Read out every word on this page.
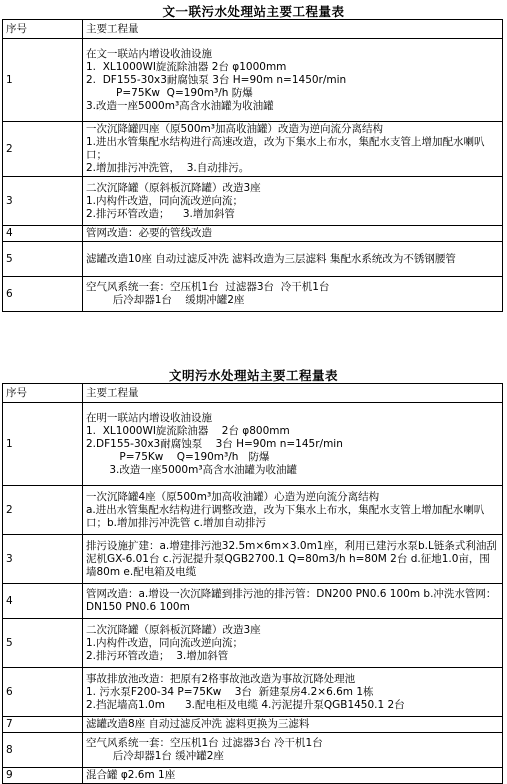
文一联污水处理站主要工程量表
序号	主要工程量
1	在文一联站内增设收油设施
1.  XL1000WI旋流除油器 2台 φ1000mm
2.  DF155-30x3耐腐蚀泵 3台 H=90m n=1450r/min
P=75Kw  Q=190m³/h 防爆
3.改造一座5000m³高含水油罐为收油罐

2	一次沉降罐四座（原500m³加高收油罐）改造为逆向流分离结构
1.进出水管集配水结构进行高速改造，改为下集水上布水，集配水支管上增加配水喇叭口；
2.增加排污冲洗管，  3.自动排污。

3	二次沉降罐（原斜板沉降罐）改造3座
1.内构件改造，同向流改逆向流；
2.排污环管改造；    3.增加斜管

4	管网改造：必要的管线改造

5	滤罐改造10座 自动过滤反冲洗 滤料改造为三层滤料 集配水系统改为不锈钢腰管

6	空气风系统一套：空压机1台  过滤器3台  冷干机1台
后冷却器1台    缓期冲罐2座
文明污水处理站主要工程量表
序号	主要工程量
1	在明一联站内增设收油设施
1.  XL1000WI旋流除油器    2台 φ800mm
2.DF155-30x3耐腐蚀泵    3台 H=90m n=145r/min
P=75Kw    Q=190m³/h   防爆
3.改造一座5000m³高含水油罐为收油罐

2	一次沉降罐4座（原500m³加高收油罐）心造为逆向流分离结构
a.进出水管集配水结构进行调整改造，改为下集水上布水，集配水支管上增加配水喇叭口；b.增加排污冲洗管 c.增加自动排污

3	排污设施扩建：a.增建排污池32.5m×6m×3.0m1座，利用已建污水泵b.L链条式利油刮泥机GX-6.01台 c.污泥提升泵QGB2700.1 Q=80m3/h h=80M 2台 d.征地1.0亩，围墙80m e.配电箱及电缆

4	管网改造：a.增设一次沉降罐到排污池的排污管：DN200 PN0.6 100m b.冲洗水管网：  DN150 PN0.6 100m

5	二次沉降罐（原斜板沉降罐）改造3座
1.内构件改造，同向流改逆向流；
2.排污环管改造；  3.增加斜管

6	事故排放池改造：把原有2格事故池改造为事故沉降处理池
1. 污水泵F200-34 P=75Kw    3台  新建泵房4.2×6.6m 1栋
2.挡泥墙高1.0m      3.配电柜及电缆 4.污泥提升泵QGB1450.1 2台

7	滤罐改造8座 自动过滤反冲洗 滤料更换为三滤料

8	空气风系统一套：空压机1台 过滤器3台 冷干机1台
后冷却器1台 缓冲罐2座

9	混合罐 φ2.6m 1座
